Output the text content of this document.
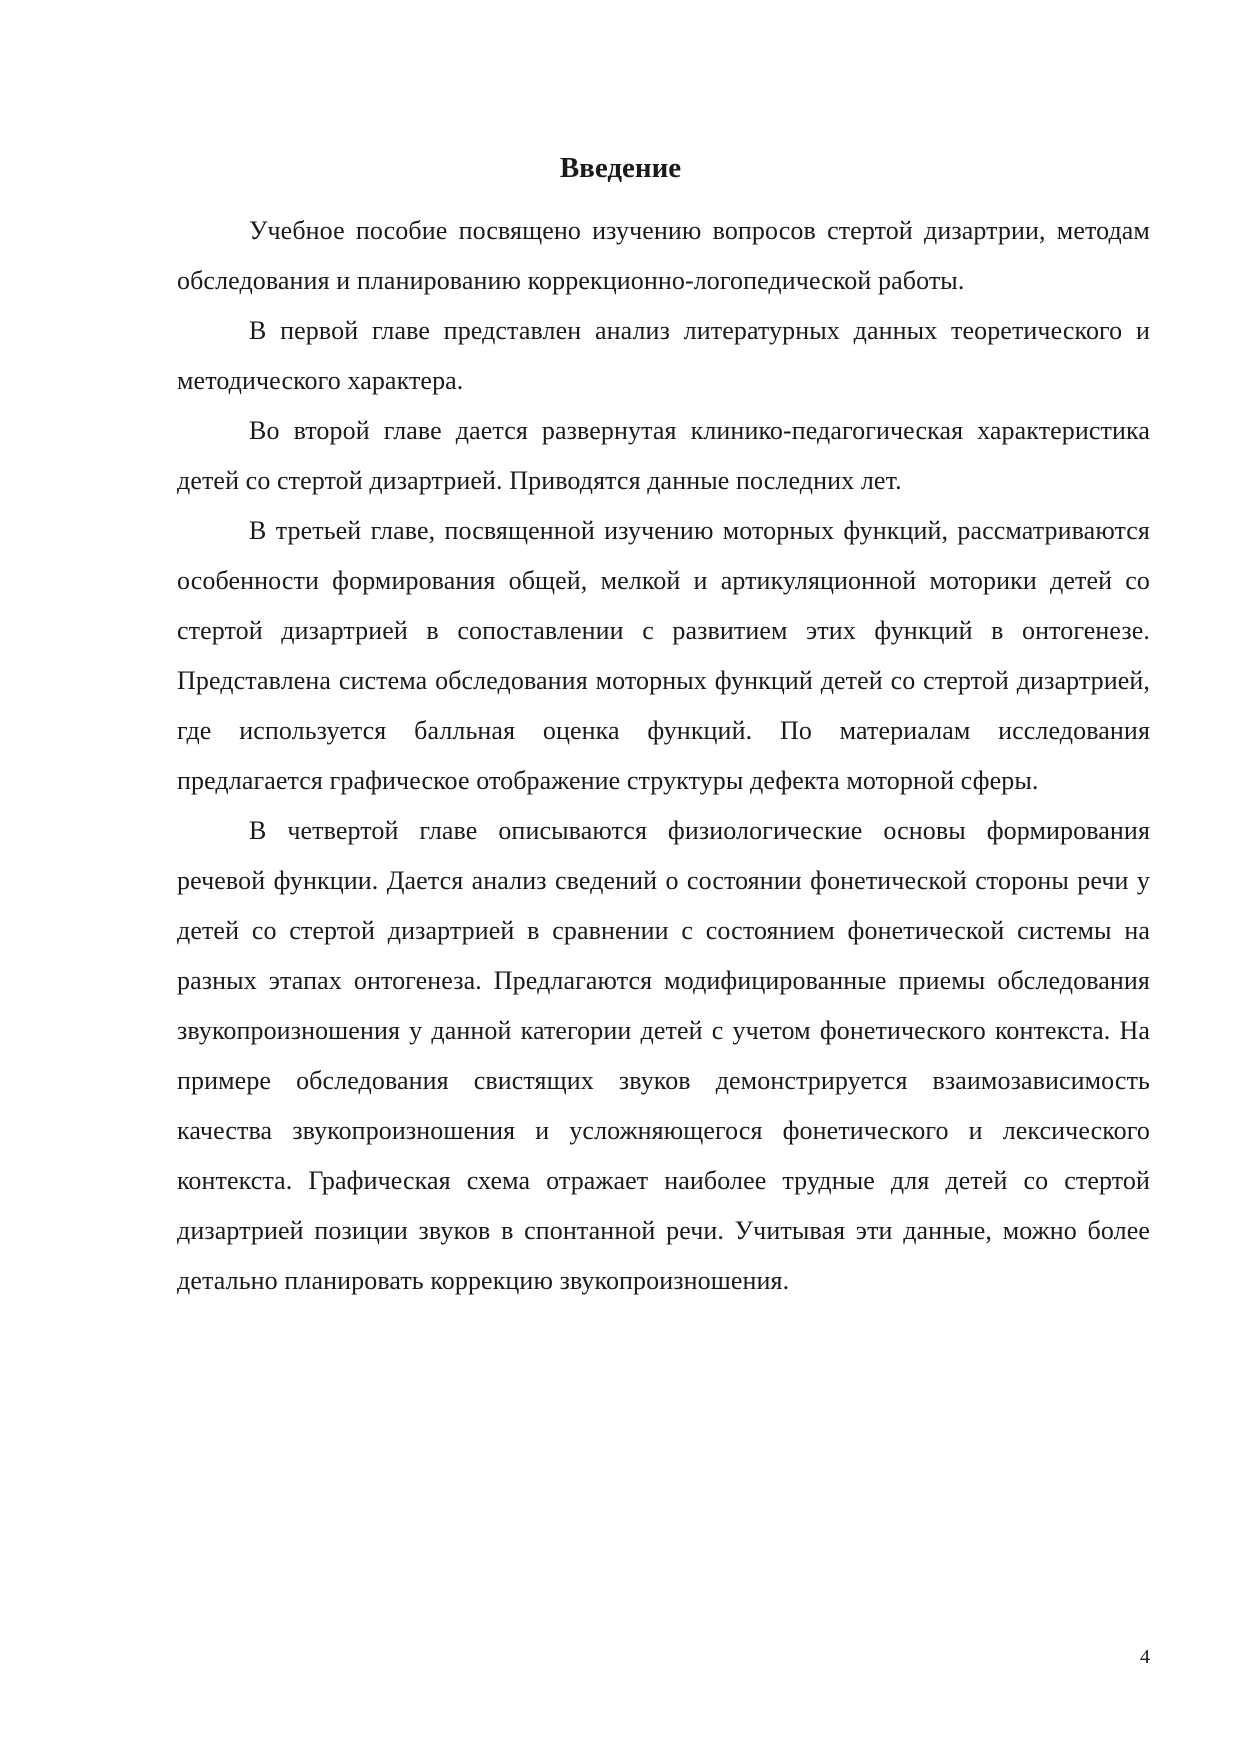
Введение

Учебное пособие посвящено изучению вопросов стертой дизартрии, методам обследования и планированию коррекционно-логопедической работы.

В первой главе представлен анализ литературных данных теоретического и методического характера.

Во второй главе дается развернутая клинико-педагогическая характеристика детей со стертой дизартрией. Приводятся данные последних лет.

В третьей главе, посвященной изучению моторных функций, рассматриваются особенности формирования общей, мелкой и артикуляционной моторики детей со стертой дизартрией в сопоставлении с развитием этих функций в онтогенезе. Представлена система обследования моторных функций детей со стертой дизартрией, где используется балльная оценка функций. По материалам исследования предлагается графическое отображение структуры дефекта моторной сферы.

В четвертой главе описываются физиологические основы формирования речевой функции. Дается анализ сведений о состоянии фонетической стороны речи у детей со стертой дизартрией в сравнении с состоянием фонетической системы на разных этапах онтогенеза. Предлагаются модифицированные приемы обследования звукопроизношения у данной категории детей с учетом фонетического контекста. На примере обследования свистящих звуков демонстрируется взаимозависимость качества звукопроизношения и усложняющегося фонетического и лексического контекста. Графическая схема отражает наиболее трудные для детей со стертой дизартрией позиции звуков в спонтанной речи. Учитывая эти данные, можно более детально планировать коррекцию звукопроизношения.

4
